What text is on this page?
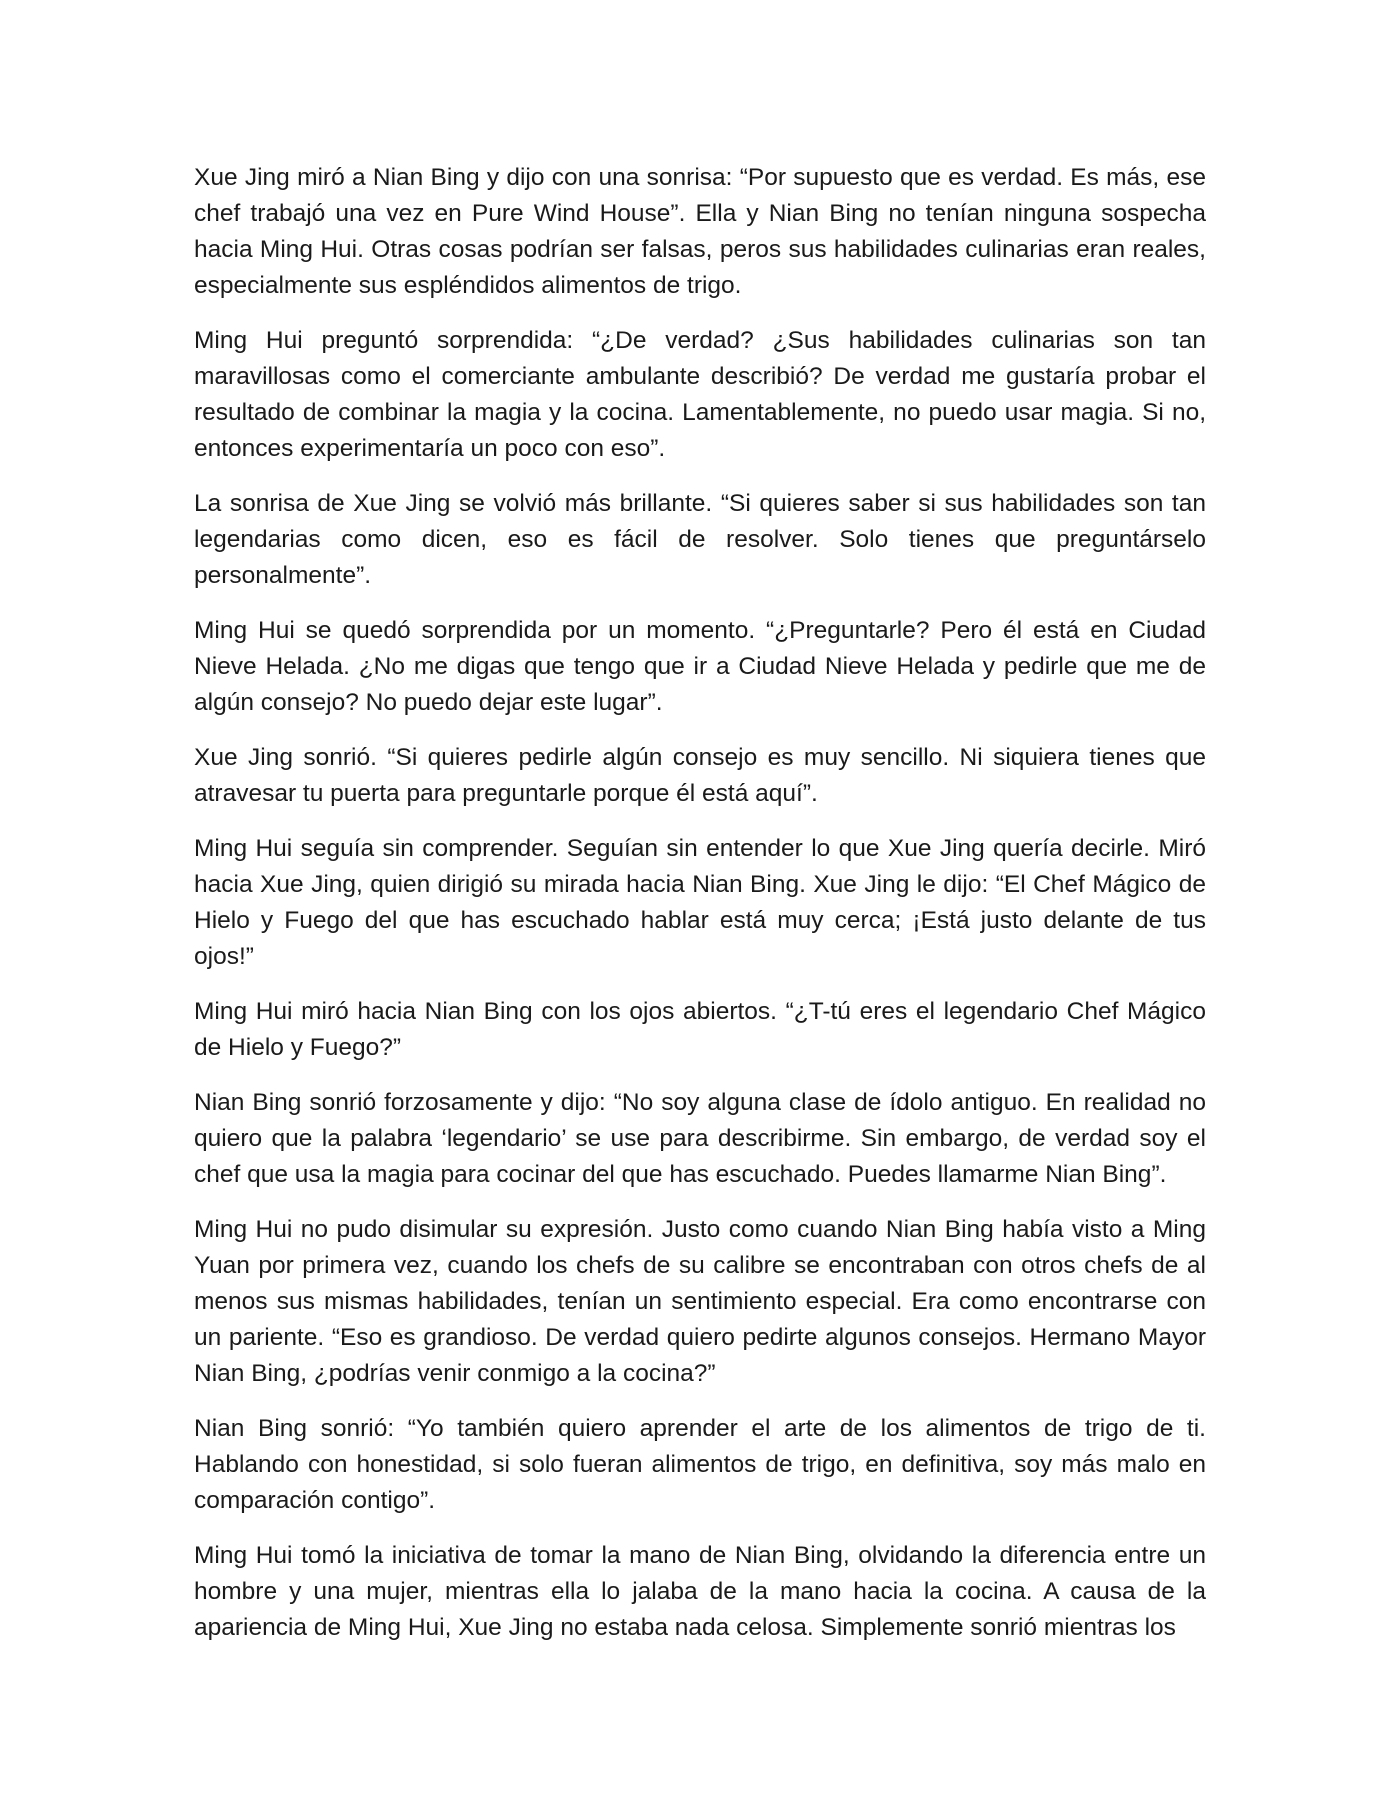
Xue Jing miró a Nian Bing y dijo con una sonrisa: “Por supuesto que es verdad. Es más, ese chef trabajó una vez en Pure Wind House”. Ella y Nian Bing no tenían ninguna sospecha hacia Ming Hui. Otras cosas podrían ser falsas, peros sus habilidades culinarias eran reales, especialmente sus espléndidos alimentos de trigo.

Ming Hui preguntó sorprendida: “¿De verdad? ¿Sus habilidades culinarias son tan maravillosas como el comerciante ambulante describió? De verdad me gustaría probar el resultado de combinar la magia y la cocina. Lamentablemente, no puedo usar magia. Si no, entonces experimentaría un poco con eso”.

La sonrisa de Xue Jing se volvió más brillante. “Si quieres saber si sus habilidades son tan legendarias como dicen, eso es fácil de resolver. Solo tienes que preguntárselo personalmente”.

Ming Hui se quedó sorprendida por un momento. “¿Preguntarle? Pero él está en Ciudad Nieve Helada. ¿No me digas que tengo que ir a Ciudad Nieve Helada y pedirle que me de algún consejo? No puedo dejar este lugar”.

Xue Jing sonrió. “Si quieres pedirle algún consejo es muy sencillo. Ni siquiera tienes que atravesar tu puerta para preguntarle porque él está aquí”.

Ming Hui seguía sin comprender. Seguían sin entender lo que Xue Jing quería decirle. Miró hacia Xue Jing, quien dirigió su mirada hacia Nian Bing. Xue Jing le dijo: “El Chef Mágico de Hielo y Fuego del que has escuchado hablar está muy cerca; ¡Está justo delante de tus ojos!”

Ming Hui miró hacia Nian Bing con los ojos abiertos. “¿T-tú eres el legendario Chef Mágico de Hielo y Fuego?”

Nian Bing sonrió forzosamente y dijo: “No soy alguna clase de ídolo antiguo. En realidad no quiero que la palabra ‘legendario’ se use para describirme. Sin embargo, de verdad soy el chef que usa la magia para cocinar del que has escuchado. Puedes llamarme Nian Bing”.

Ming Hui no pudo disimular su expresión. Justo como cuando Nian Bing había visto a Ming Yuan por primera vez, cuando los chefs de su calibre se encontraban con otros chefs de al menos sus mismas habilidades, tenían un sentimiento especial. Era como encontrarse con un pariente. “Eso es grandioso. De verdad quiero pedirte algunos consejos. Hermano Mayor Nian Bing, ¿podrías venir conmigo a la cocina?”

Nian Bing sonrió: “Yo también quiero aprender el arte de los alimentos de trigo de ti. Hablando con honestidad, si solo fueran alimentos de trigo, en definitiva, soy más malo en comparación contigo”.

Ming Hui tomó la iniciativa de tomar la mano de Nian Bing, olvidando la diferencia entre un hombre y una mujer, mientras ella lo jalaba de la mano hacia la cocina. A causa de la apariencia de Ming Hui, Xue Jing no estaba nada celosa. Simplemente sonrió mientras los
